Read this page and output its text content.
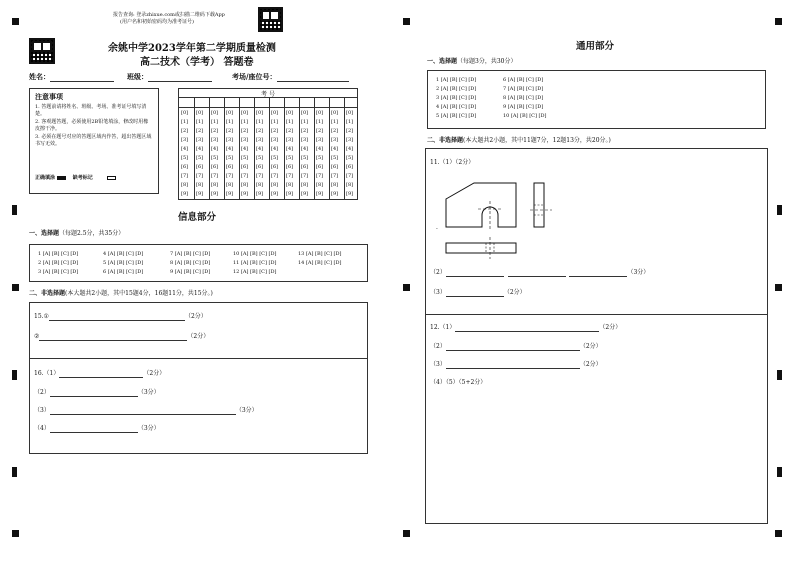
报告查询: 登录zhixue.com或扫描二维码下载App
(用户名和初始密码均为准考证号)
余姚中学2023学年第二学期质量检测
高二技术（学考） 答题卷
姓名：	班级：	考场/座位号：
注意事项
1. 答题前请将姓名、班级、考场、准考证号填写清楚。
2. 客观题答题，必须使用2B铅笔填涂，修改时用橡皮擦干净。
3. 必须在题号对应的答题区域内作答，超出答题区域书写无效。
正确填涂	缺考标记
考 号
[0] [0] [0] [0] [0] [0] [0] [0] [0] [0] [0] [0]
[1] [1] [1] [1] [1] [1] [1] [1] [1] [1] [1] [1]
[2] [2] [2] [2] [2] [2] [2] [2] [2] [2] [2] [2]
[3] [3] [3] [3] [3] [3] [3] [3] [3] [3] [3] [3]
[4] [4] [4] [4] [4] [4] [4] [4] [4] [4] [4] [4]
[5] [5] [5] [5] [5] [5] [5] [5] [5] [5] [5] [5]
[6] [6] [6] [6] [6] [6] [6] [6] [6] [6] [6] [6]
[7] [7] [7] [7] [7] [7] [7] [7] [7] [7] [7] [7]
[8] [8] [8] [8] [8] [8] [8] [8] [8] [8] [8] [8]
[9] [9] [9] [9] [9] [9] [9] [9] [9] [9] [9] [9]
信息部分
一、选择题（每题2.5分，共35分）
1 [A] [B] [C] [D]	4 [A] [B] [C] [D]	7 [A] [B] [C] [D]	10 [A] [B] [C] [D]	13 [A] [B] [C] [D]
2 [A] [B] [C] [D]	5 [A] [B] [C] [D]	8 [A] [B] [C] [D]	11 [A] [B] [C] [D]	14 [A] [B] [C] [D]
3 [A] [B] [C] [D]	6 [A] [B] [C] [D]	9 [A] [B] [C] [D]	12 [A] [B] [C] [D]
二、非选择题(本大题共2小题，其中15题4分，16题11分，共15分。)
15.①	（2分）
②	（2分）
16.（1）	（2分）
（2）	（3分）
（3）	（3分）
（4）	（3分）
通用部分
一、选择题（每题3分，共30分）
1 [A] [B] [C] [D]	6 [A] [B] [C] [D]
2 [A] [B] [C] [D]	7 [A] [B] [C] [D]
3 [A] [B] [C] [D]	8 [A] [B] [C] [D]
4 [A] [B] [C] [D]	9 [A] [B] [C] [D]
5 [A] [B] [C] [D]	10 [A] [B] [C] [D]
二、非选择题(本大题共2小题，其中11题7分，12题13分，共20分。)
11.（1）（2分）
·
（2）	（3分）
（3）	（2分）
12.（1）	（2分）
（2）	（2分）
（3）	（2分）
（4）（5）（5+2分）
